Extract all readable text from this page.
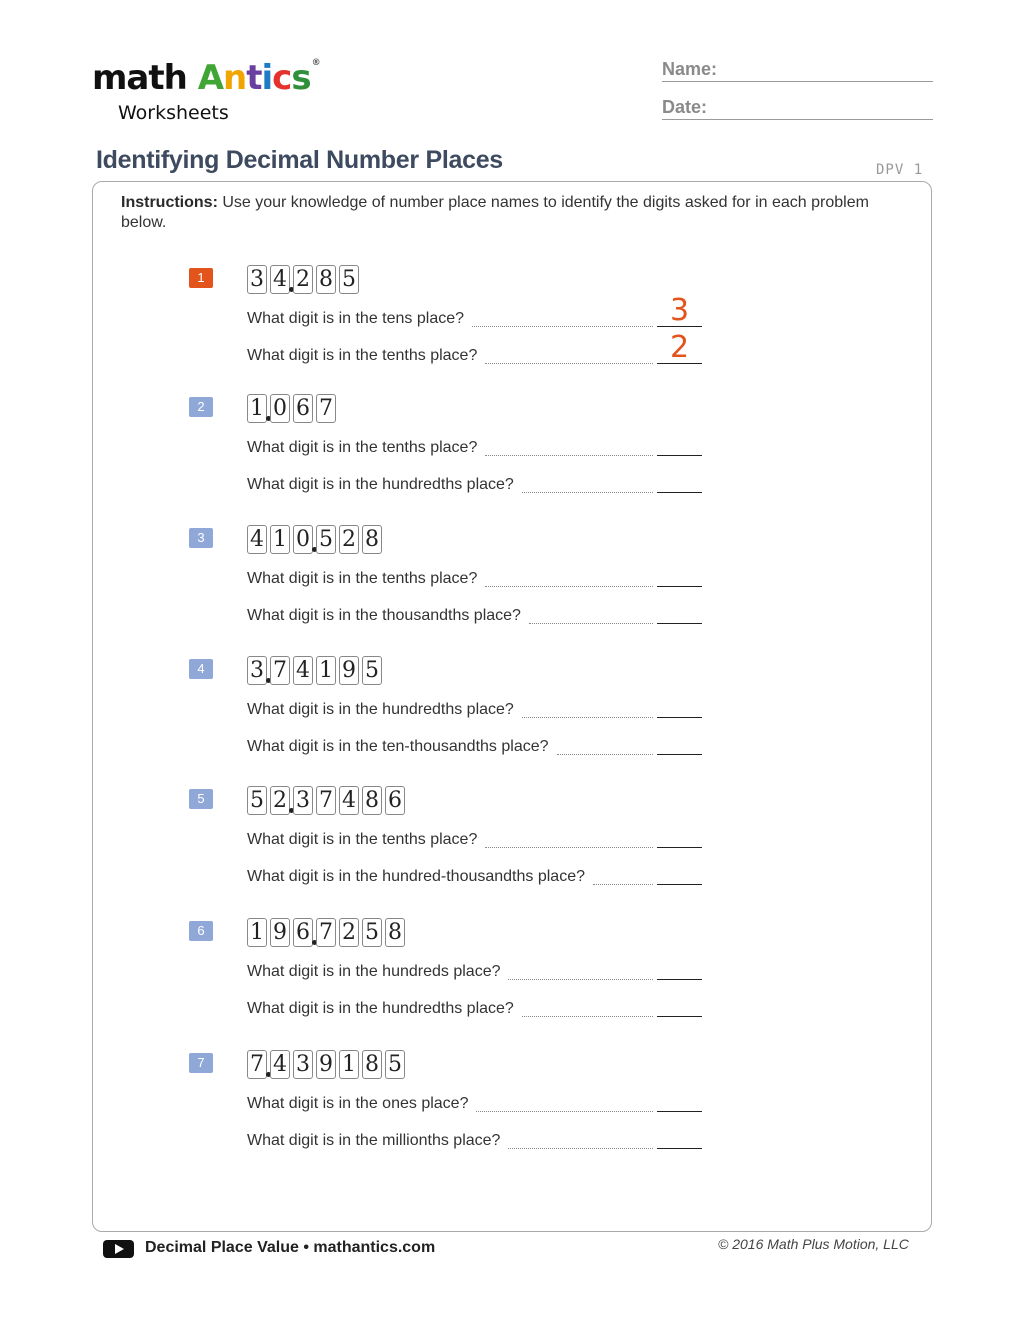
math Antics®
Worksheets
Name:
Date:
Identifying Decimal Number Places	DPV 1
Instructions: Use your knowledge of number place names to identify the digits asked for in each problem below.
1	3 4 2 8 5
What digit is in the tens place?	3
What digit is in the tenths place?	2
2	1 0 6 7
What digit is in the tenths place?
What digit is in the hundredths place?
3	4 1 0 5 2 8
What digit is in the tenths place?
What digit is in the thousandths place?
4	3 7 4 1 9 5
What digit is in the hundredths place?
What digit is in the ten-thousandths place?
5	5 2 3 7 4 8 6
What digit is in the tenths place?
What digit is in the hundred-thousandths place?
6	1 9 6 7 2 5 8
What digit is in the hundreds place?
What digit is in the hundredths place?
7	7 4 3 9 1 8 5
What digit is in the ones place?
What digit is in the millionths place?
Decimal Place Value • mathantics.com	© 2016 Math Plus Motion, LLC
